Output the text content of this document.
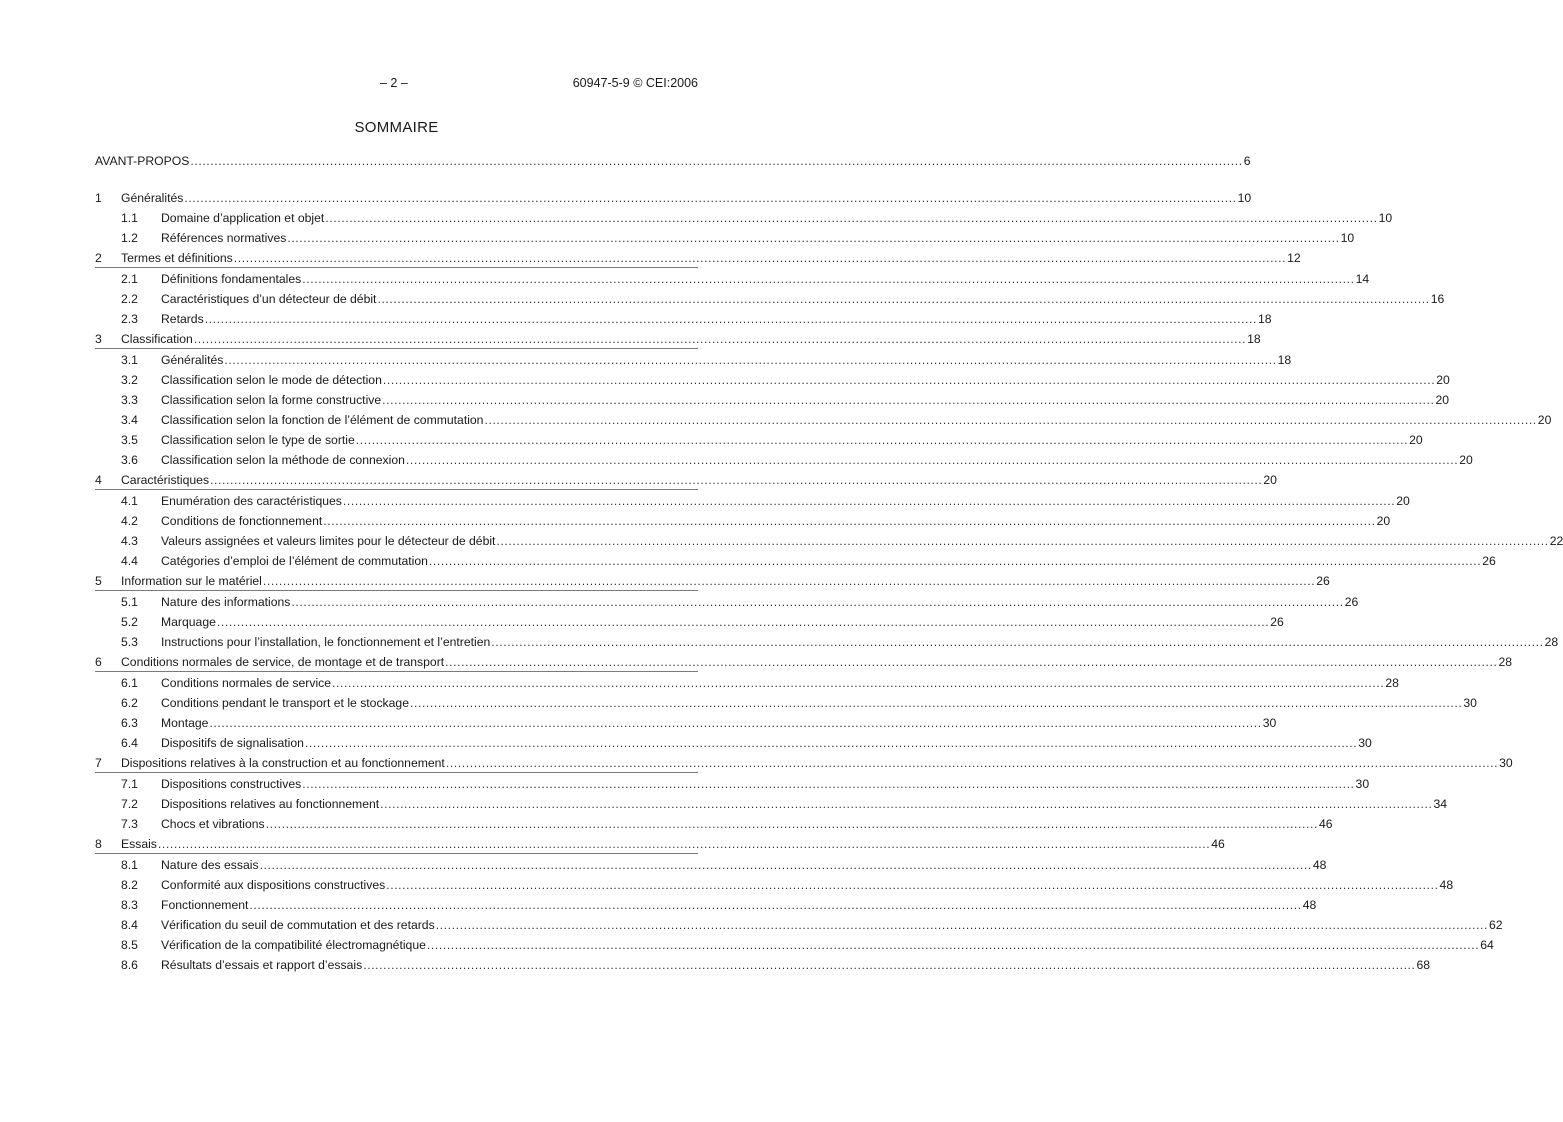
– 2 –	60947-5-9 © CEI:2006
SOMMAIRE
AVANT-PROPOS .....	6
1	Généralités .....	10
1.1	Domaine d’application et objet .....	10
1.2	Références normatives .....	10
2	Termes et définitions .....	12
2.1	Définitions fondamentales .....	14
2.2	Caractéristiques d’un détecteur de débit .....	16
2.3	Retards .....	18
3	Classification .....	18
3.1	Généralités .....	18
3.2	Classification selon le mode de détection .....	20
3.3	Classification selon la forme constructive .....	20
3.4	Classification selon la fonction de l’élément de commutation .....	20
3.5	Classification selon le type de sortie .....	20
3.6	Classification selon la méthode de connexion .....	20
4	Caractéristiques .....	20
4.1	Enumération des caractéristiques .....	20
4.2	Conditions de fonctionnement .....	20
4.3	Valeurs assignées et valeurs limites pour le détecteur de débit .....	22
4.4	Catégories d’emploi de l’élément de commutation .....	26
5	Information sur le matériel .....	26
5.1	Nature des informations .....	26
5.2	Marquage .....	26
5.3	Instructions pour l’installation, le fonctionnement et l’entretien .....	28
6	Conditions normales de service, de montage et de transport .....	28
6.1	Conditions normales de service .....	28
6.2	Conditions pendant le transport et le stockage .....	30
6.3	Montage .....	30
6.4	Dispositifs de signalisation .....	30
7	Dispositions relatives à la construction et au fonctionnement .....	30
7.1	Dispositions constructives .....	30
7.2	Dispositions relatives au fonctionnement .....	34
7.3	Chocs et vibrations .....	46
8	Essais .....	46
8.1	Nature des essais .....	48
8.2	Conformité aux dispositions constructives .....	48
8.3	Fonctionnement .....	48
8.4	Vérification du seuil de commutation et des retards .....	62
8.5	Vérification de la compatibilité électromagnétique .....	64
8.6	Résultats d’essais et rapport d’essais .....	68
